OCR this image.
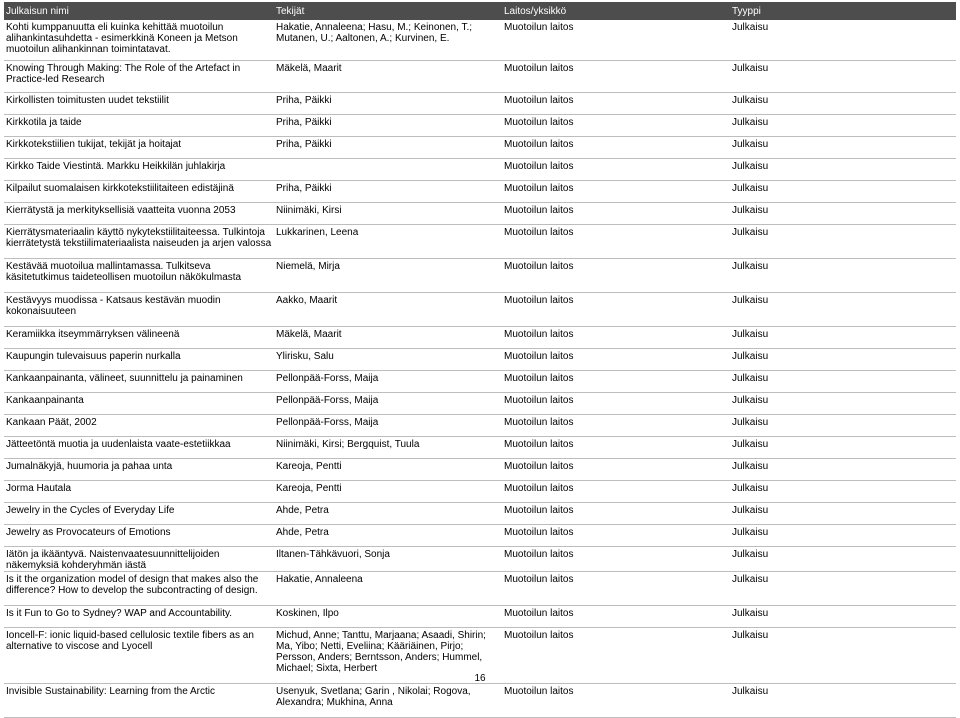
Julkaisun nimi	Tekijät	Laitos/yksikkö	Tyyppi
Kohti kumppanuutta eli kuinka kehittää muotoilun alihankintasuhdetta - esimerkkinä Koneen ja Metson muotoilun alihankinnan toimintatavat.	Hakatie, Annaleena; Hasu, M.; Keinonen, T.; Mutanen, U.; Aaltonen, A.; Kurvinen, E.	Muotoilun laitos	Julkaisu
Knowing Through Making: The Role of the Artefact in Practice-led Research	Mäkelä, Maarit	Muotoilun laitos	Julkaisu
Kirkollisten toimitusten uudet tekstiilit	Priha, Päikki	Muotoilun laitos	Julkaisu
Kirkkotila ja taide	Priha, Päikki	Muotoilun laitos	Julkaisu
Kirkkotekstiilien tukijat, tekijät ja hoitajat	Priha, Päikki	Muotoilun laitos	Julkaisu
Kirkko Taide Viestintä. Markku Heikkilän juhlakirja		Muotoilun laitos	Julkaisu
Kilpailut suomalaisen kirkkotekstiilitaiteen edistäjinä	Priha, Päikki	Muotoilun laitos	Julkaisu
Kierrätystä ja merkityksellisiä vaatteita vuonna 2053	Niinimäki, Kirsi	Muotoilun laitos	Julkaisu
Kierrätysmateriaalin käyttö nykytekstiilitaiteessa. Tulkintoja kierrätetystä tekstiilimateriaalista naiseuden ja arjen valossa	Lukkarinen, Leena	Muotoilun laitos	Julkaisu
Kestävää muotoilua mallintamassa. Tulkitseva käsitetutkimus taideteollisen muotoilun näkökulmasta	Niemelä, Mirja	Muotoilun laitos	Julkaisu
Kestävyys muodissa - Katsaus kestävän muodin kokonaisuuteen	Aakko, Maarit	Muotoilun laitos	Julkaisu
Keramiikka itseymmärryksen välineenä	Mäkelä, Maarit	Muotoilun laitos	Julkaisu
Kaupungin tulevaisuus paperin nurkalla	Ylirisku, Salu	Muotoilun laitos	Julkaisu
Kankaanpainanta, välineet, suunnittelu ja painaminen	Pellonpää-Forss, Maija	Muotoilun laitos	Julkaisu
Kankaanpainanta	Pellonpää-Forss, Maija	Muotoilun laitos	Julkaisu
Kankaan Päät, 2002	Pellonpää-Forss, Maija	Muotoilun laitos	Julkaisu
Jätteetöntä muotia ja uudenlaista vaate-estetiikkaa	Niinimäki, Kirsi; Bergquist, Tuula	Muotoilun laitos	Julkaisu
Jumalnäkyjä, huumoria ja pahaa unta	Kareoja, Pentti	Muotoilun laitos	Julkaisu
Jorma Hautala	Kareoja, Pentti	Muotoilun laitos	Julkaisu
Jewelry in the Cycles of Everyday Life	Ahde, Petra	Muotoilun laitos	Julkaisu
Jewelry as Provocateurs of Emotions	Ahde, Petra	Muotoilun laitos	Julkaisu
Iätön ja ikääntyvä. Naistenvaatesuunnittelijoiden näkemyksiä kohderyhmän iästä	Iltanen-Tähkävuori, Sonja	Muotoilun laitos	Julkaisu
Is it the organization model of design that makes also the difference? How to develop the subcontracting of design.	Hakatie, Annaleena	Muotoilun laitos	Julkaisu
Is it Fun to Go to Sydney? WAP and Accountability.	Koskinen, Ilpo	Muotoilun laitos	Julkaisu
Ioncell-F: ionic liquid-based cellulosic textile fibers as an alternative to viscose and Lyocell	Michud, Anne; Tanttu, Marjaana; Asaadi, Shirin; Ma, Yibo; Netti, Eveliina; Kääriäinen, Pirjo; Persson, Anders; Berntsson, Anders; Hummel, Michael; Sixta, Herbert	Muotoilun laitos	Julkaisu
Invisible Sustainability: Learning from the Arctic	Usenyuk, Svetlana; Garin , Nikolai; Rogova, Alexandra; Mukhina, Anna	Muotoilun laitos	Julkaisu
16
